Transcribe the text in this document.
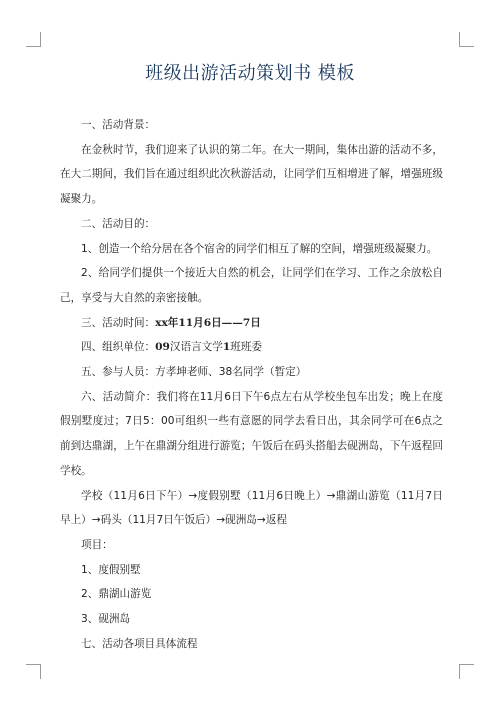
班级出游活动策划书 模板

一、活动背景：

在金秋时节，我们迎来了认识的第二年。在大一期间，集体出游的活动不多，在大二期间，我们旨在通过组织此次秋游活动，让同学们互相增进了解，增强班级凝聚力。

二、活动目的：

1、创造一个给分居在各个宿舍的同学们相互了解的空间，增强班级凝聚力。

2、给同学们提供一个接近大自然的机会，让同学们在学习、工作之余放松自己，享受与大自然的亲密接触。

三、活动时间：xx年11月6日——7日

四、组织单位：09汉语言文学1班班委

五、参与人员：方孝坤老师、38名同学（暂定）

六、活动简介：我们将在11月6日下午6点左右从学校坐包车出发；晚上在度假别墅度过；7日5：00可组织一些有意愿的同学去看日出，其余同学可在6点之前到达鼎湖，上午在鼎湖分组进行游览；午饭后在码头搭船去砚洲岛，下午返程回学校。

学校（11月6日下午）→度假别墅（11月6日晚上）→鼎湖山游览（11月7日早上）→码头（11月7日午饭后）→砚洲岛→返程

项目：

1、度假别墅

2、鼎湖山游览

3、砚洲岛

七、活动各项目具体流程
